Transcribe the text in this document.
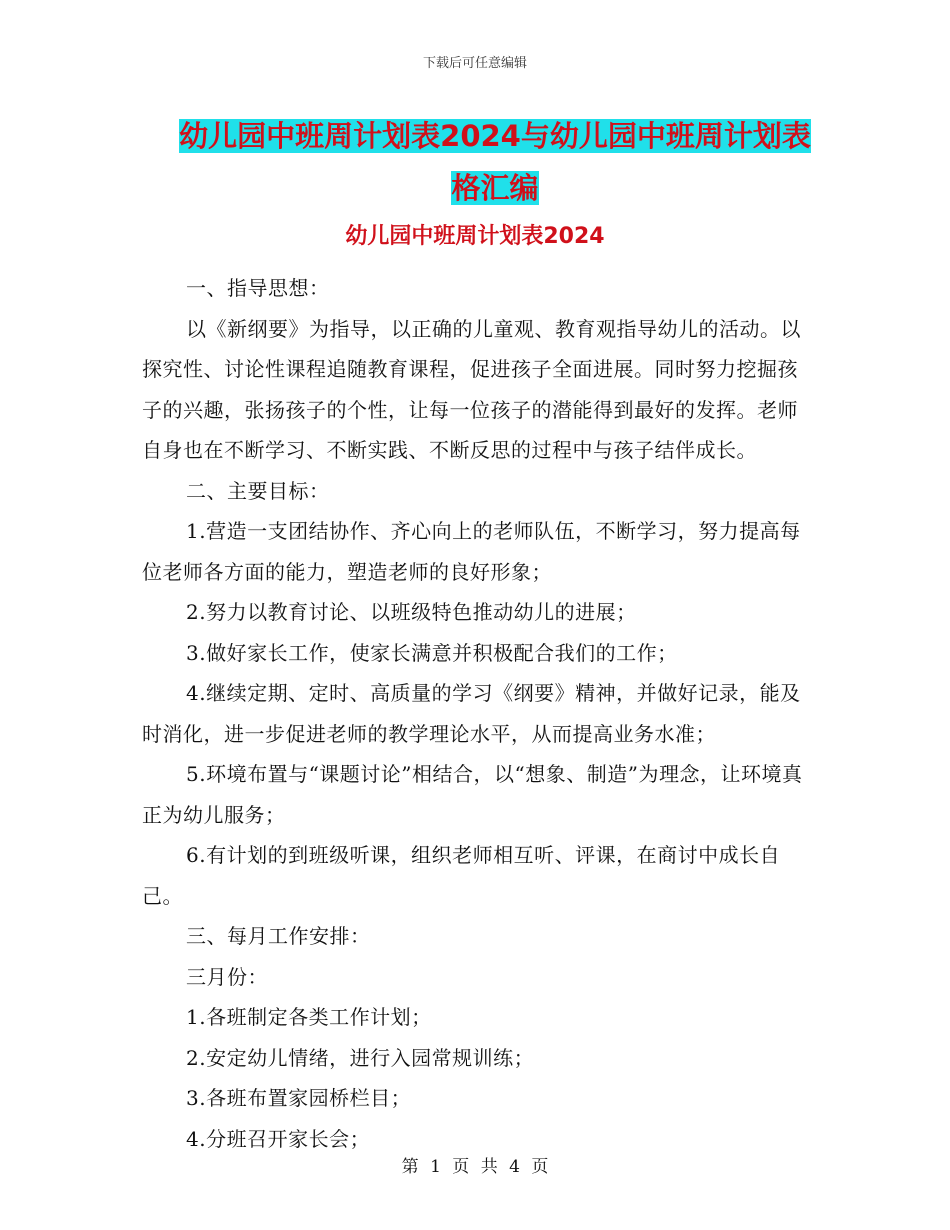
下载后可任意编辑
幼儿园中班周计划表2024与幼儿园中班周计划表格汇编
幼儿园中班周计划表2024

一、指导思想：

以《新纲要》为指导，以正确的儿童观、教育观指导幼儿的活动。以探究性、讨论性课程追随教育课程，促进孩子全面进展。同时努力挖掘孩子的兴趣，张扬孩子的个性，让每一位孩子的潜能得到最好的发挥。老师自身也在不断学习、不断实践、不断反思的过程中与孩子结伴成长。

二、主要目标：

1.营造一支团结协作、齐心向上的老师队伍，不断学习，努力提高每位老师各方面的能力，塑造老师的良好形象；

2.努力以教育讨论、以班级特色推动幼儿的进展；

3.做好家长工作，使家长满意并积极配合我们的工作；

4.继续定期、定时、高质量的学习《纲要》精神，并做好记录，能及时消化，进一步促进老师的教学理论水平，从而提高业务水准；

5.环境布置与“课题讨论”相结合，以“想象、制造”为理念，让环境真正为幼儿服务；

6.有计划的到班级听课，组织老师相互听、评课，在商讨中成长自己。

三、每月工作安排：

三月份：

1.各班制定各类工作计划；

2.安定幼儿情绪，进行入园常规训练；

3.各班布置家园桥栏目；

4.分班召开家长会；

第 1 页 共 4 页
